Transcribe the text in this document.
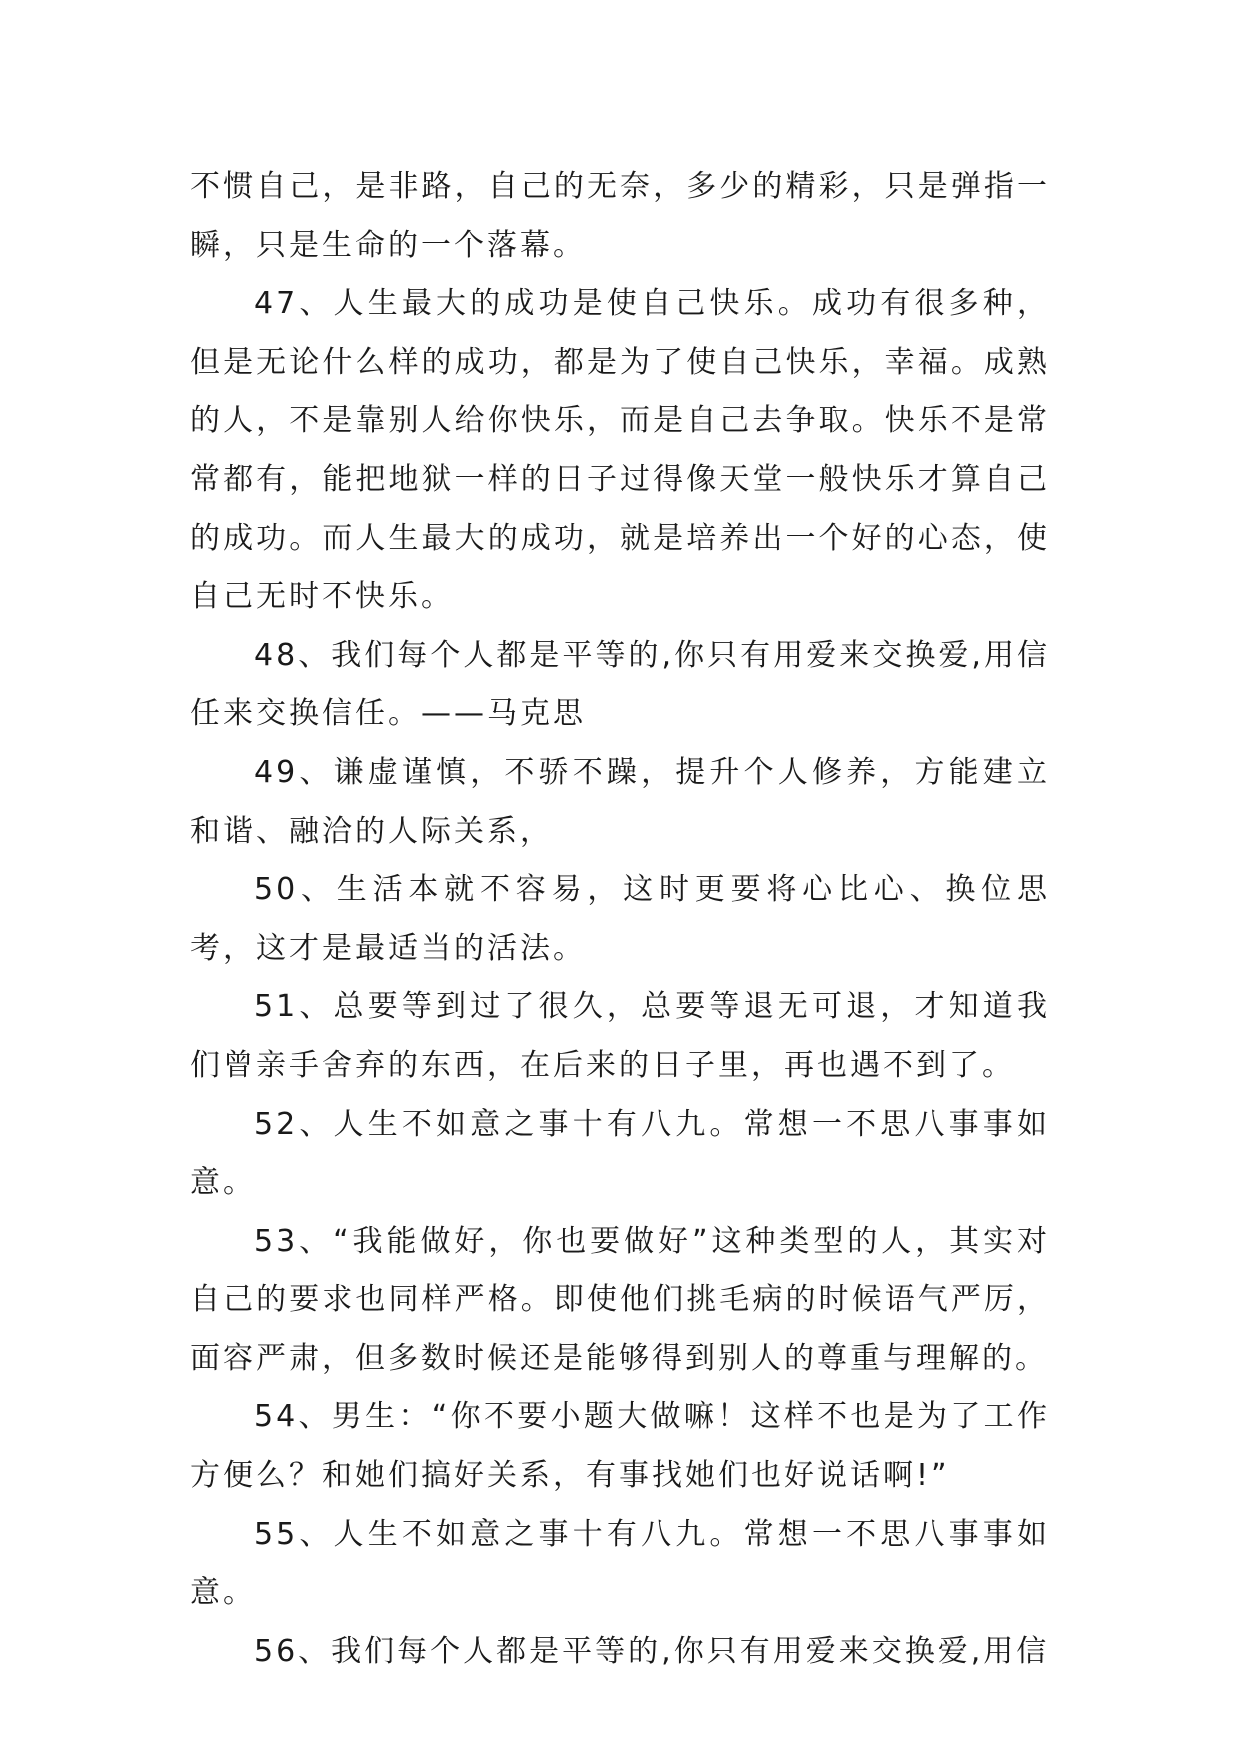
不惯自己，是非路，自己的无奈，多少的精彩，只是弹指一瞬，只是生命的一个落幕。

47、人生最大的成功是使自己快乐。成功有很多种，但是无论什么样的成功，都是为了使自己快乐，幸福。成熟的人，不是靠别人给你快乐，而是自己去争取。快乐不是常常都有，能把地狱一样的日子过得像天堂一般快乐才算自己的成功。而人生最大的成功，就是培养出一个好的心态，使自己无时不快乐。

48、我们每个人都是平等的,你只有用爱来交换爱,用信任来交换信任。——马克思

49、谦虚谨慎，不骄不躁，提升个人修养，方能建立和谐、融洽的人际关系，

50、生活本就不容易，这时更要将心比心、换位思考，这才是最适当的活法。

51、总要等到过了很久，总要等退无可退，才知道我们曾亲手舍弃的东西，在后来的日子里，再也遇不到了。

52、人生不如意之事十有八九。常想一不思八事事如意。

53、“我能做好，你也要做好”这种类型的人，其实对自己的要求也同样严格。即使他们挑毛病的时候语气严厉，面容严肃，但多数时候还是能够得到别人的尊重与理解的。

54、男生：“你不要小题大做嘛！这样不也是为了工作方便么？和她们搞好关系，有事找她们也好说话啊!”

55、人生不如意之事十有八九。常想一不思八事事如意。

56、我们每个人都是平等的,你只有用爱来交换爱,用信
